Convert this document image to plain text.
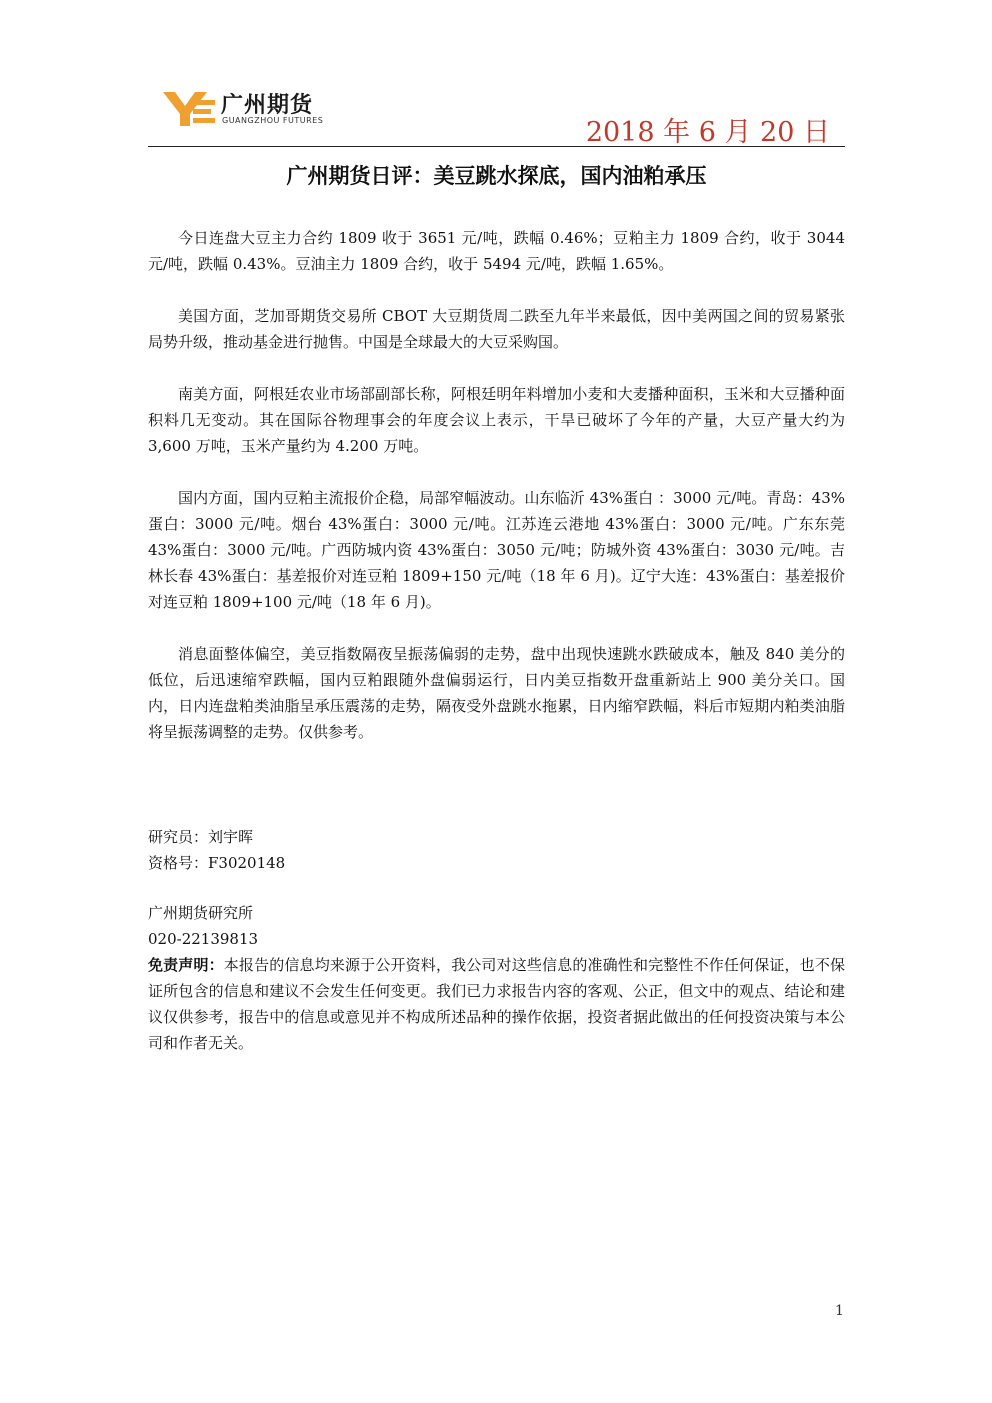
广州期货
GUANGZHOU FUTURES	2018 年 6 月 20 日
广州期货日评：美豆跳水探底，国内油粕承压

今日连盘大豆主力合约 1809 收于 3651 元/吨，跌幅 0.46%；豆粕主力 1809 合约，收于 3044 元/吨，跌幅 0.43%。豆油主力 1809 合约，收于 5494 元/吨，跌幅 1.65%。

美国方面，芝加哥期货交易所 CBOT 大豆期货周二跌至九年半来最低，因中美两国之间的贸易紧张局势升级，推动基金进行抛售。中国是全球最大的大豆采购国。

南美方面，阿根廷农业市场部副部长称，阿根廷明年料增加小麦和大麦播种面积，玉米和大豆播种面积料几无变动。其在国际谷物理事会的年度会议上表示，干旱已破坏了今年的产量，大豆产量大约为 3,600 万吨，玉米产量约为 4.200 万吨。

国内方面，国内豆粕主流报价企稳，局部窄幅波动。山东临沂 43%蛋白 ：3000 元/吨。青岛：43%蛋白：3000 元/吨。烟台 43%蛋白：3000 元/吨。江苏连云港地 43%蛋白：3000 元/吨。广东东莞 43%蛋白：3000 元/吨。广西防城内资 43%蛋白：3050 元/吨；防城外资 43%蛋白：3030 元/吨。吉林长春 43%蛋白：基差报价对连豆粕 1809+150 元/吨（18 年 6 月)。辽宁大连：43%蛋白：基差报价对连豆粕 1809+100 元/吨（18 年 6 月)。

消息面整体偏空，美豆指数隔夜呈振荡偏弱的走势，盘中出现快速跳水跌破成本，触及 840 美分的低位，后迅速缩窄跌幅，国内豆粕跟随外盘偏弱运行，日内美豆指数开盘重新站上 900 美分关口。国内，日内连盘粕类油脂呈承压震荡的走势，隔夜受外盘跳水拖累，日内缩窄跌幅，料后市短期内粕类油脂将呈振荡调整的走势。仅供参考。

研究员：刘宇晖
资格号：F3020148
广州期货研究所
020-22139813
免责声明：本报告的信息均来源于公开资料，我公司对这些信息的准确性和完整性不作任何保证，也不保证所包含的信息和建议不会发生任何变更。我们已力求报告内容的客观、公正，但文中的观点、结论和建议仅供参考，报告中的信息或意见并不构成所述品种的操作依据，投资者据此做出的任何投资决策与本公司和作者无关。
1
